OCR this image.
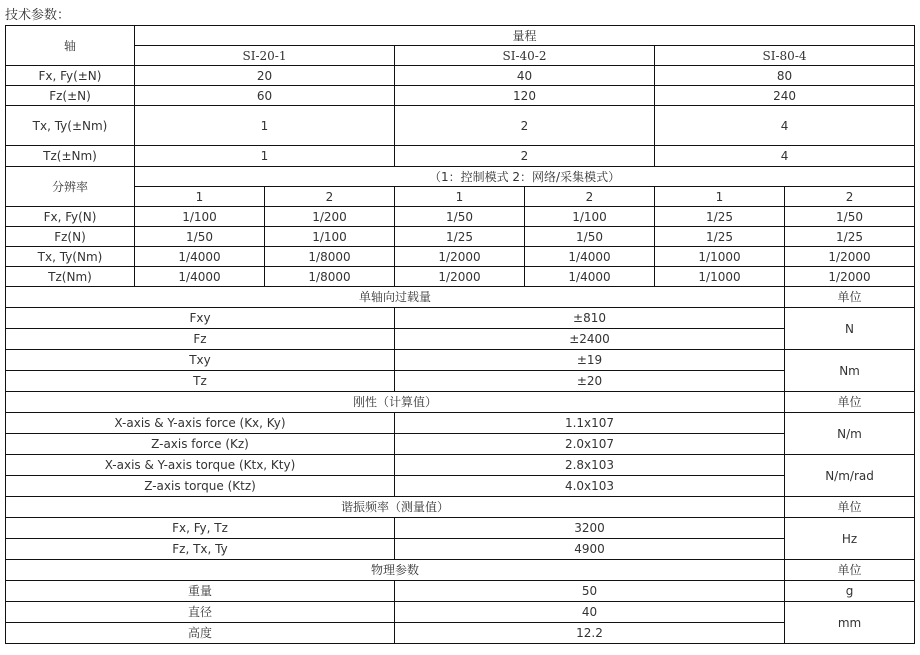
技术参数：
轴	量程					
	SI-20-1		SI-40-2		SI-80-4	
Fx, Fy(±N)	20		40		80	
Fz(±N)	60		120		240	
Tx, Ty(±Nm)	1		2		4	
Tz(±Nm)	1		2		4	
分辨率	（1：控制模式 2：网络/采集模式）					
	1	2	1	2	1	2
Fx, Fy(N)	1/100	1/200	1/50	1/100	1/25	1/50
Fz(N)	1/50	1/100	1/25	1/50	1/25	1/25
Tx, Ty(Nm)	1/4000	1/8000	1/2000	1/4000	1/1000	1/2000
Tz(Nm)	1/4000	1/8000	1/2000	1/4000	1/1000	1/2000
单轴向过载量						单位
Fxy			±810			N
Fz			±2400			
Txy			±19			Nm
Tz			±20			
刚性（计算值）						单位
X-axis & Y-axis force (Kx, Ky)			1.1x107			N/m
Z-axis force (Kz)			2.0x107			
X-axis & Y-axis torque (Ktx, Kty)			2.8x103			N/m/rad
Z-axis torque (Ktz)			4.0x103			
谐振频率（测量值）						单位
Fx, Fy, Tz			3200			Hz
Fz, Tx, Ty			4900			
物理参数						单位
重量			50			g
直径			40			mm
高度			12.2			
